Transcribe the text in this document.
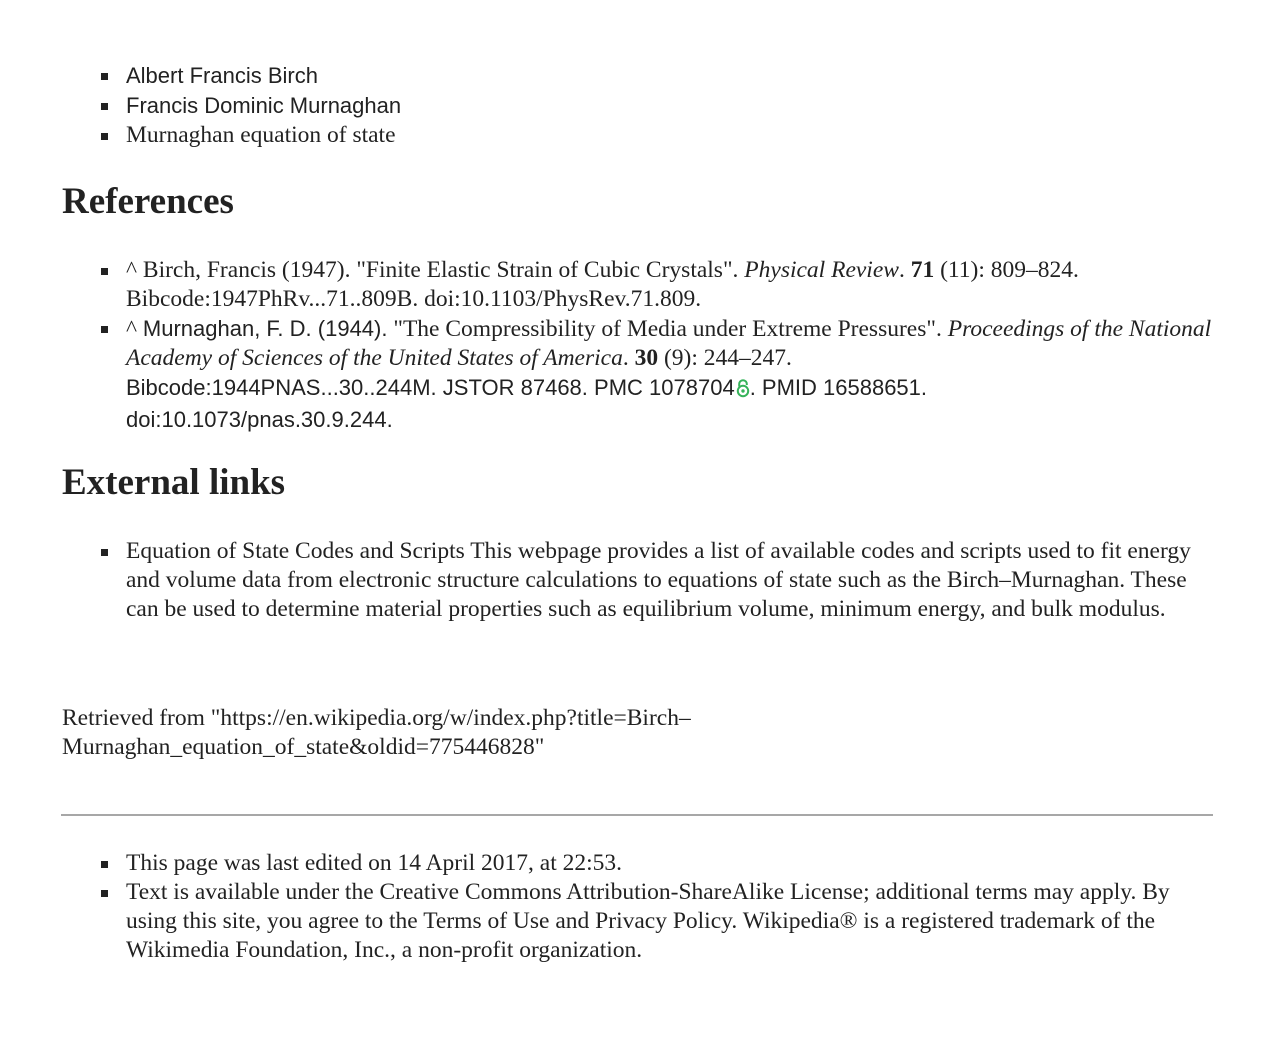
Albert Francis Birch
Francis Dominic Murnaghan
Murnaghan equation of state
References
^ Birch, Francis (1947). "Finite Elastic Strain of Cubic Crystals". Physical Review. 71 (11): 809–824.
Bibcode:1947PhRv...71..809B. doi:10.1103/PhysRev.71.809.
^ Murnaghan, F. D. (1944). "The Compressibility of Media under Extreme Pressures". Proceedings of the National Academy of Sciences of the United States of America. 30 (9): 244–247.
Bibcode:1944PNAS...30..244M. JSTOR 87468. PMC 1078704 . PMID 16588651.
doi:10.1073/pnas.30.9.244.
External links
Equation of State Codes and Scripts This webpage provides a list of available codes and scripts used to fit energy and volume data from electronic structure calculations to equations of state such as the Birch–Murnaghan. These can be used to determine material properties such as equilibrium volume, minimum energy, and bulk modulus.

Retrieved from "https://en.wikipedia.org/w/index.php?title=Birch–Murnaghan_equation_of_state&oldid=775446828"

This page was last edited on 14 April 2017, at 22:53.
Text is available under the Creative Commons Attribution-ShareAlike License; additional terms may apply. By using this site, you agree to the Terms of Use and Privacy Policy. Wikipedia® is a registered trademark of the Wikimedia Foundation, Inc., a non-profit organization.
